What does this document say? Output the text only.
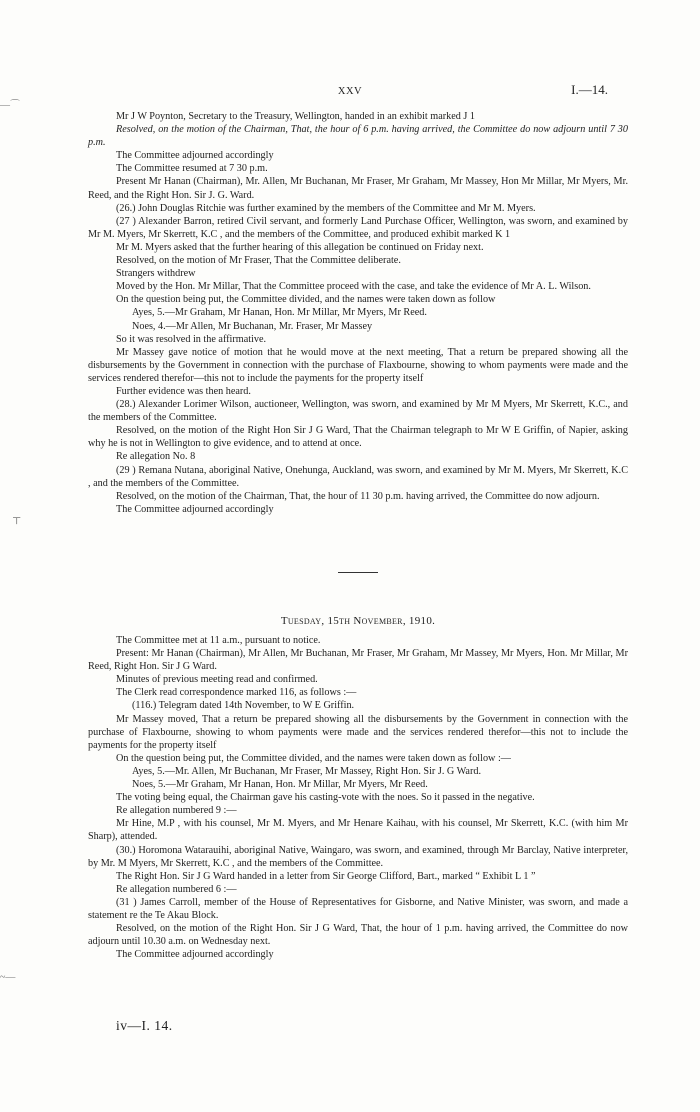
XXV	I.—14.

Mr J W Poynton, Secretary to the Treasury, Wellington, handed in an exhibit marked J 1

Resolved, on the motion of the Chairman, That, the hour of 6 p.m. having arrived, the Committee do now adjourn until 7 30 p.m.

The Committee adjourned accordingly

The Committee resumed at 7 30 p.m.

Present Mr Hanan (Chairman), Mr. Allen, Mr Buchanan, Mr Fraser, Mr Graham, Mr Massey, Hon Mr Millar, Mr Myers, Mr. Reed, and the Right Hon. Sir J. G. Ward.

(26.) John Douglas Ritchie was further examined by the members of the Committee and Mr M. Myers.

(27 ) Alexander Barron, retired Civil servant, and formerly Land Purchase Officer, Wellington, was sworn, and examined by Mr M. Myers, Mr Skerrett, K.C , and the members of the Committee, and produced exhibit marked K 1

Mr M. Myers asked that the further hearing of this allegation be continued on Friday next.

Resolved, on the motion of Mr Fraser, That the Committee deliberate.

Strangers withdrew

Moved by the Hon. Mr Millar, That the Committee proceed with the case, and take the evidence of Mr A. L. Wilson.

On the question being put, the Committee divided, and the names were taken down as follow

Ayes, 5.—Mr Graham, Mr Hanan, Hon. Mr Millar, Mr Myers, Mr Reed.

Noes, 4.—Mr Allen, Mr Buchanan, Mr. Fraser, Mr Massey

So it was resolved in the affirmative.

Mr Massey gave notice of motion that he would move at the next meeting, That a return be prepared showing all the disbursements by the Government in connection with the purchase of Flaxbourne, showing to whom payments were made and the services rendered therefor—this not to include the payments for the property itself

Further evidence was then heard.

(28.) Alexander Lorimer Wilson, auctioneer, Wellington, was sworn, and examined by Mr M Myers, Mr Skerrett, K.C., and the members of the Committee.

Resolved, on the motion of the Right Hon Sir J G Ward, That the Chairman telegraph to Mr W E Griffin, of Napier, asking why he is not in Wellington to give evidence, and to attend at once.

Re allegation No. 8

(29 ) Remana Nutana, aboriginal Native, Onehunga, Auckland, was sworn, and examined by Mr M. Myers, Mr Skerrett, K.C , and the members of the Committee.

Resolved, on the motion of the Chairman, That, the hour of 11 30 p.m. having arrived, the Committee do now adjourn.

The Committee adjourned accordingly

Tuesday, 15th November, 1910.

The Committee met at 11 a.m., pursuant to notice.

Present: Mr Hanan (Chairman), Mr Allen, Mr Buchanan, Mr Fraser, Mr Graham, Mr Massey, Mr Myers, Hon. Mr Millar, Mr Reed, Right Hon. Sir J G Ward.

Minutes of previous meeting read and confirmed.

The Clerk read correspondence marked 116, as follows :—

(116.) Telegram dated 14th November, to W E Griffin.

Mr Massey moved, That a return be prepared showing all the disbursements by the Government in connection with the purchase of Flaxbourne, showing to whom payments were made and the services rendered therefor—this not to include the payments for the property itself

On the question being put, the Committee divided, and the names were taken down as follow :—

Ayes, 5.—Mr. Allen, Mr Buchanan, Mr Fraser, Mr Massey, Right Hon. Sir J. G Ward.

Noes, 5.—Mr Graham, Mr Hanan, Hon. Mr Millar, Mr Myers, Mr Reed.

The voting being equal, the Chairman gave his casting-vote with the noes. So it passed in the negative.

Re allegation numbered 9 :—

Mr Hine, M.P , with his counsel, Mr M. Myers, and Mr Henare Kaihau, with his counsel, Mr Skerrett, K.C. (with him Mr Sharp), attended.

(30.) Horomona Watarauihi, aboriginal Native, Waingaro, was sworn, and examined, through Mr Barclay, Native interpreter, by Mr. M Myers, Mr Skerrett, K.C , and the members of the Committee.

The Right Hon. Sir J G Ward handed in a letter from Sir George Clifford, Bart., marked “ Exhibit L 1 ”

Re allegation numbered 6 :—

(31 ) James Carroll, member of the House of Representatives for Gisborne, and Native Minister, was sworn, and made a statement re the Te Akau Block.

Resolved, on the motion of the Right Hon. Sir J G Ward, That, the hour of 1 p.m. having arrived, the Committee do now adjourn until 10.30 a.m. on Wednesday next.

The Committee adjourned accordingly

iv—I. 14.
—⌒
⊤
~—
